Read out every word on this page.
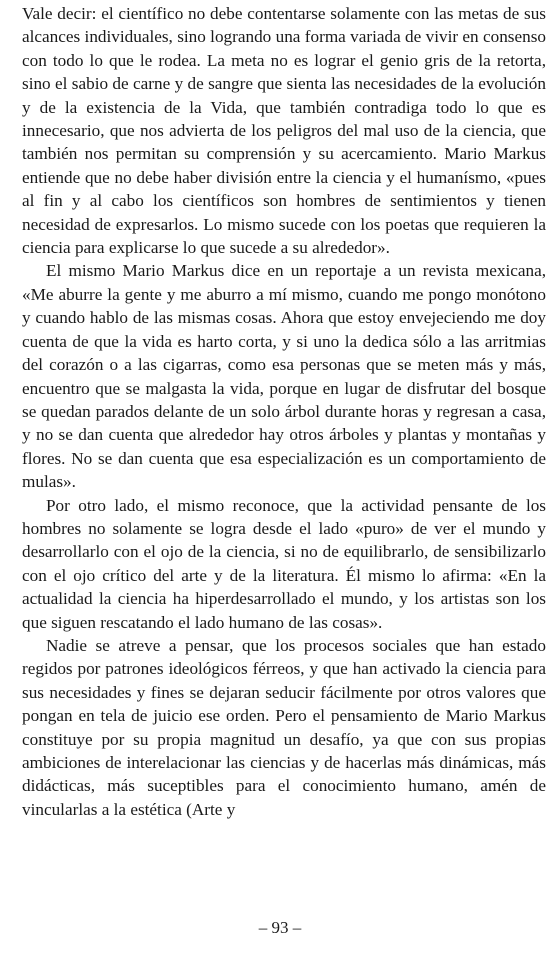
Vale decir: el científico no debe contentarse solamente con las metas de sus alcances individuales, sino logrando una forma variada de vivir en consenso con todo lo que le rodea. La meta no es lograr el genio gris de la retorta, sino el sabio de carne y de sangre que sienta las necesidades de la evolución y de la existencia de la Vida, que también contradiga todo lo que es innecesario, que nos advierta de los peligros del mal uso de la ciencia, que también nos permitan su comprensión y su acercamiento. Mario Markus entiende que no debe haber división entre la ciencia y el humanísmo, «pues al fin y al cabo los científicos son hombres de sentimientos y tienen necesidad de expresarlos. Lo mismo sucede con los poetas que requieren la ciencia para explicarse lo que sucede a su alrededor».

El mismo Mario Markus dice en un reportaje a un revista mexicana, «Me aburre la gente y me aburro a mí mismo, cuando me pongo monótono y cuando hablo de las mismas cosas. Ahora que estoy envejeciendo me doy cuenta de que la vida es harto corta, y si uno la dedica sólo a las arritmias del corazón o a las cigarras, como esa personas que se meten más y más, encuentro que se malgasta la vida, porque en lugar de disfrutar del bosque se quedan parados delante de un solo árbol durante horas y regresan a casa, y no se dan cuenta que alrededor hay otros árboles y plantas y montañas y flores. No se dan cuenta que esa especialización es un comportamiento de mulas».

Por otro lado, el mismo reconoce, que la actividad pensante de los hombres no solamente se logra desde el lado «puro» de ver el mundo y desarrollarlo con el ojo de la ciencia, si no de equilibrarlo, de sensibilizarlo con el ojo crítico del arte y de la literatura. Él mismo lo afirma: «En la actualidad la ciencia ha hiperdesarrollado el mundo, y los artistas son los que siguen rescatando el lado humano de las cosas».

Nadie se atreve a pensar, que los procesos sociales que han estado regidos por patrones ideológicos férreos, y que han activado la ciencia para sus necesidades y fines se dejaran seducir fácilmente por otros valores que pongan en tela de juicio ese orden. Pero el pensamiento de Mario Markus constituye por su propia magnitud un desafío, ya que con sus propias ambiciones de interelacionar las ciencias y de hacerlas más dinámicas, más didácticas, más suceptibles para el conocimiento humano, amén de vincularlas a la estética (Arte y

– 93 –
